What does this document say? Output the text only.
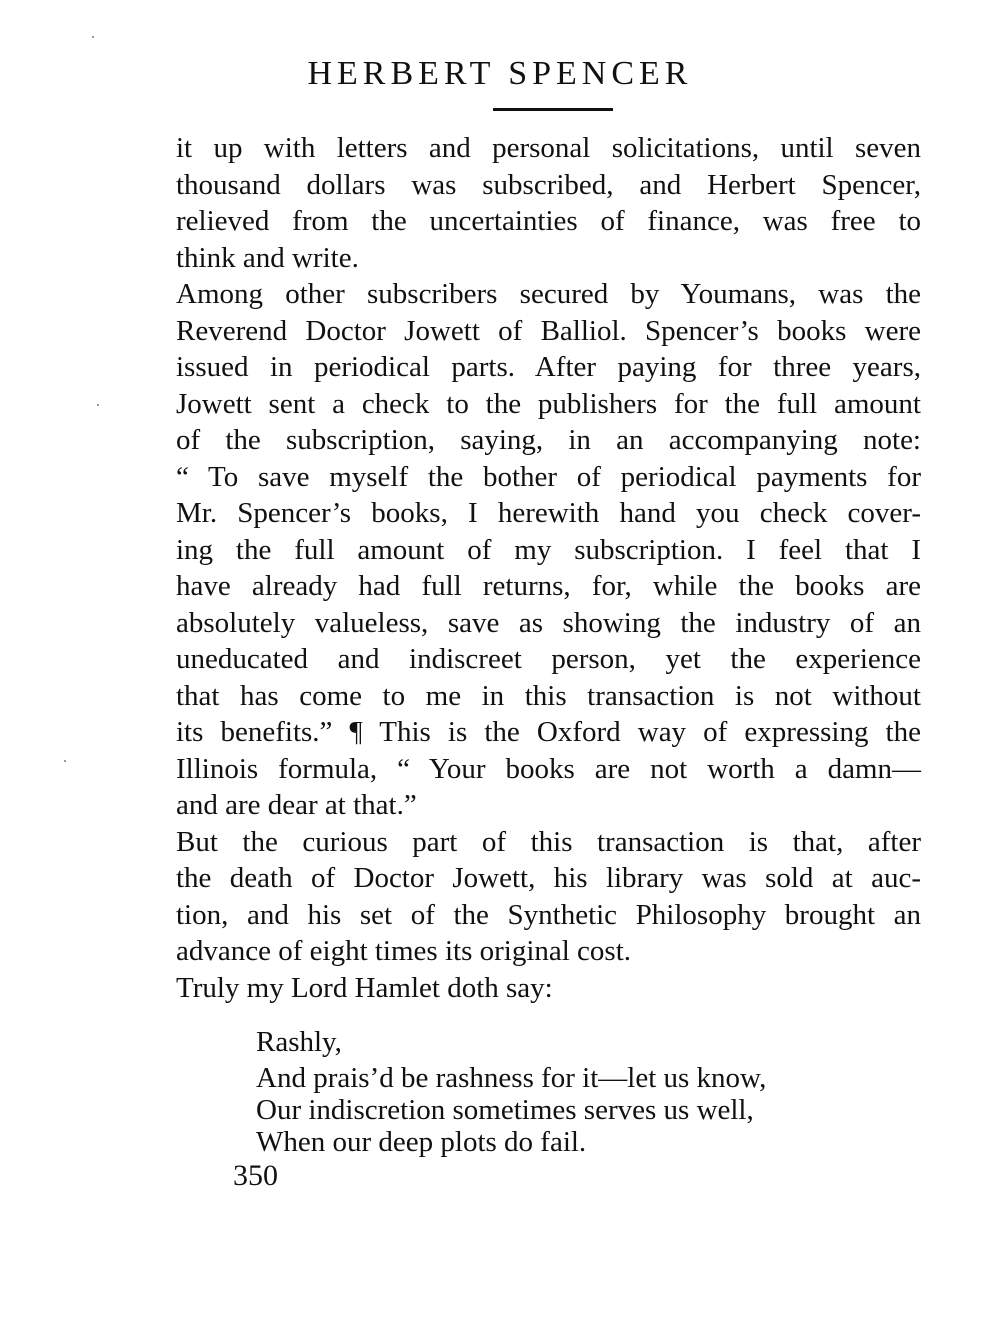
HERBERT SPENCER
it up with letters and personal solicitations, until seven
thousand dollars was subscribed, and Herbert Spencer,
relieved from the uncertainties of finance, was free to
think and write.
Among other subscribers secured by Youmans, was the
Reverend Doctor Jowett of Balliol. Spencer’s books were
issued in periodical parts. After paying for three years,
Jowett sent a check to the publishers for the full amount
of the subscription, saying, in an accompanying note:
“ To save myself the bother of periodical payments for
Mr. Spencer’s books, I herewith hand you check cover-
ing the full amount of my subscription. I feel that I
have already had full returns, for, while the books are
absolutely valueless, save as showing the industry of an
uneducated and indiscreet person, yet the experience
that has come to me in this transaction is not without
its benefits.” ¶ This is the Oxford way of expressing the
Illinois formula, “ Your books are not worth a damn—
and are dear at that.”
But the curious part of this transaction is that, after
the death of Doctor Jowett, his library was sold at auc-
tion, and his set of the Synthetic Philosophy brought an
advance of eight times its original cost.
Truly my Lord Hamlet doth say:
Rashly,
And prais’d be rashness for it—let us know,
Our indiscretion sometimes serves us well,
When our deep plots do fail.
350
